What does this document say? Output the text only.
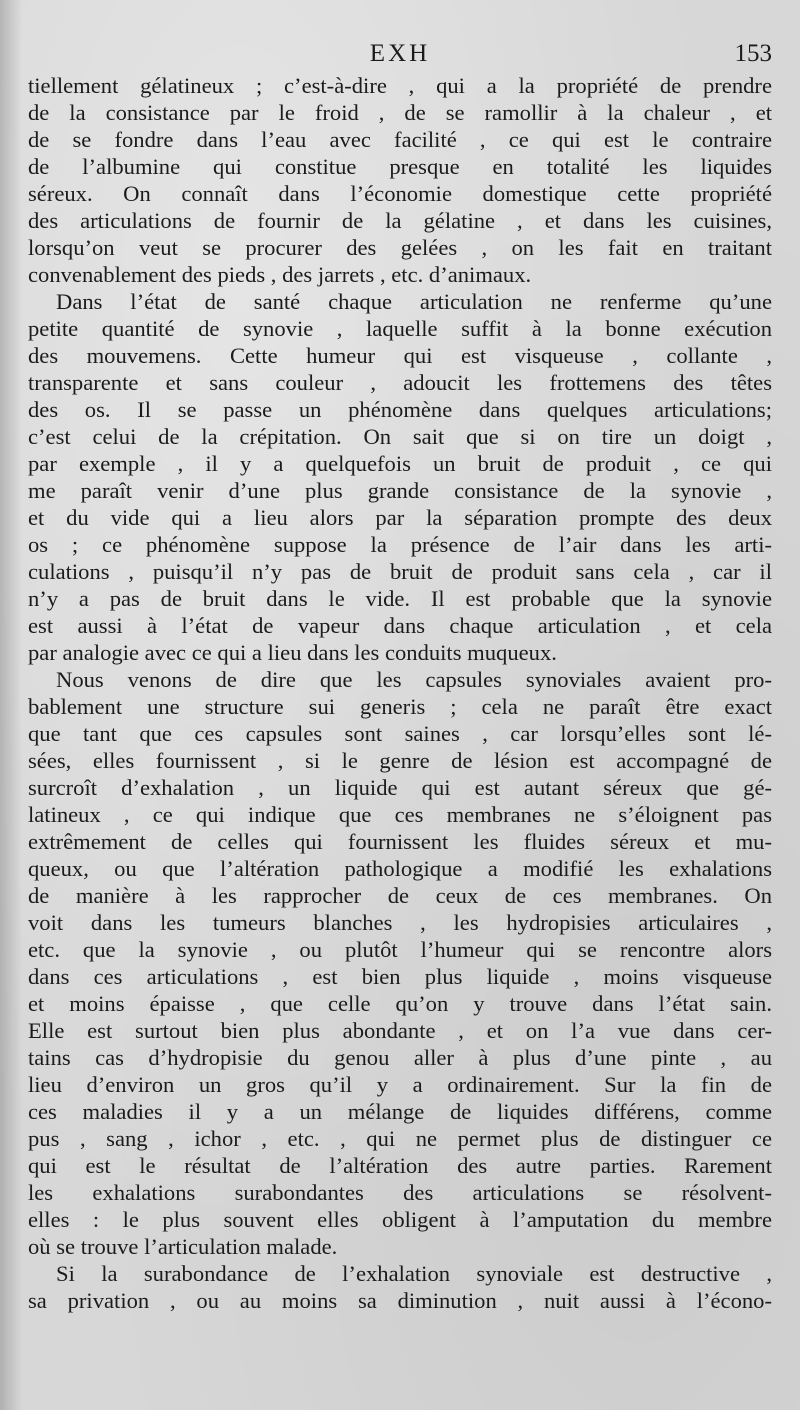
EXH	153
tiellement gélatineux ; c’est-à-dire , qui a la propriété de prendre
de la consistance par le froid , de se ramollir à la chaleur , et
de se fondre dans l’eau avec facilité , ce qui est le contraire
de l’albumine qui constitue presque en totalité les liquides
séreux. On connaît dans l’économie domestique cette propriété
des articulations de fournir de la gélatine , et dans les cuisines,
lorsqu’on veut se procurer des gelées , on les fait en traitant
convenablement des pieds , des jarrets , etc. d’animaux.
Dans l’état de santé chaque articulation ne renferme qu’une
petite quantité de synovie , laquelle suffit à la bonne exécution
des mouvemens. Cette humeur qui est visqueuse , collante ,
transparente et sans couleur , adoucit les frottemens des têtes
des os. Il se passe un phénomène dans quelques articulations;
c’est celui de la crépitation. On sait que si on tire un doigt ,
par exemple , il y a quelquefois un bruit de produit , ce qui
me paraît venir d’une plus grande consistance de la synovie ,
et du vide qui a lieu alors par la séparation prompte des deux
os ; ce phénomène suppose la présence de l’air dans les arti-
culations , puisqu’il n’y pas de bruit de produit sans cela , car il
n’y a pas de bruit dans le vide. Il est probable que la synovie
est aussi à l’état de vapeur dans chaque articulation , et cela
par analogie avec ce qui a lieu dans les conduits muqueux.
Nous venons de dire que les capsules synoviales avaient pro-
bablement une structure sui generis ; cela ne paraît être exact
que tant que ces capsules sont saines , car lorsqu’elles sont lé-
sées, elles fournissent , si le genre de lésion est accompagné de
surcroît d’exhalation , un liquide qui est autant séreux que gé-
latineux , ce qui indique que ces membranes ne s’éloignent pas
extrêmement de celles qui fournissent les fluides séreux et mu-
queux, ou que l’altération pathologique a modifié les exhalations
de manière à les rapprocher de ceux de ces membranes. On
voit dans les tumeurs blanches , les hydropisies articulaires ,
etc. que la synovie , ou plutôt l’humeur qui se rencontre alors
dans ces articulations , est bien plus liquide , moins visqueuse
et moins épaisse , que celle qu’on y trouve dans l’état sain.
Elle est surtout bien plus abondante , et on l’a vue dans cer-
tains cas d’hydropisie du genou aller à plus d’une pinte , au
lieu d’environ un gros qu’il y a ordinairement. Sur la fin de
ces maladies il y a un mélange de liquides différens, comme
pus , sang , ichor , etc. , qui ne permet plus de distinguer ce
qui est le résultat de l’altération des autre parties. Rarement
les exhalations surabondantes des articulations se résolvent-
elles : le plus souvent elles obligent à l’amputation du membre
où se trouve l’articulation malade.
Si la surabondance de l’exhalation synoviale est destructive ,
sa privation , ou au moins sa diminution , nuit aussi à l’écono-
